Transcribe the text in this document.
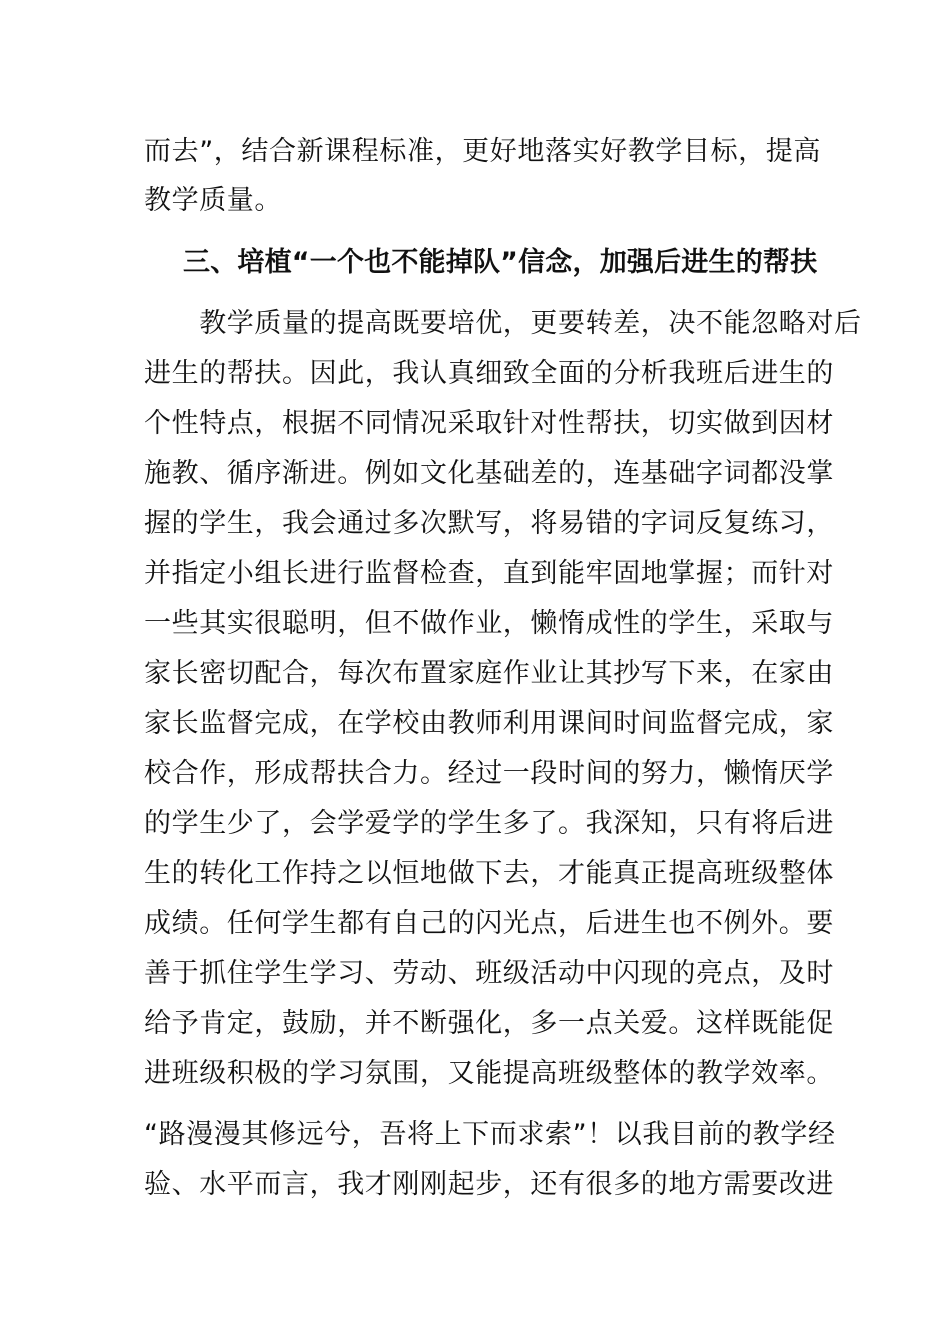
而去”，结合新课程标准，更好地落实好教学目标，提高
教学质量。
三、培植“一个也不能掉队”信念，加强后进生的帮扶
　　教学质量的提高既要培优，更要转差，决不能忽略对后
进生的帮扶。因此，我认真细致全面的分析我班后进生的
个性特点，根据不同情况采取针对性帮扶，切实做到因材
施教、循序渐进。例如文化基础差的，连基础字词都没掌
握的学生，我会通过多次默写，将易错的字词反复练习，
并指定小组长进行监督检查，直到能牢固地掌握；而针对
一些其实很聪明，但不做作业，懒惰成性的学生，采取与
家长密切配合，每次布置家庭作业让其抄写下来，在家由
家长监督完成，在学校由教师利用课间时间监督完成，家
校合作，形成帮扶合力。经过一段时间的努力，懒惰厌学
的学生少了，会学爱学的学生多了。我深知，只有将后进
生的转化工作持之以恒地做下去，才能真正提高班级整体
成绩。任何学生都有自己的闪光点，后进生也不例外。要
善于抓住学生学习、劳动、班级活动中闪现的亮点，及时
给予肯定，鼓励，并不断强化，多一点关爱。这样既能促
进班级积极的学习氛围，又能提高班级整体的教学效率。
“路漫漫其修远兮，吾将上下而求索”！以我目前的教学经
验、水平而言，我才刚刚起步，还有很多的地方需要改进
